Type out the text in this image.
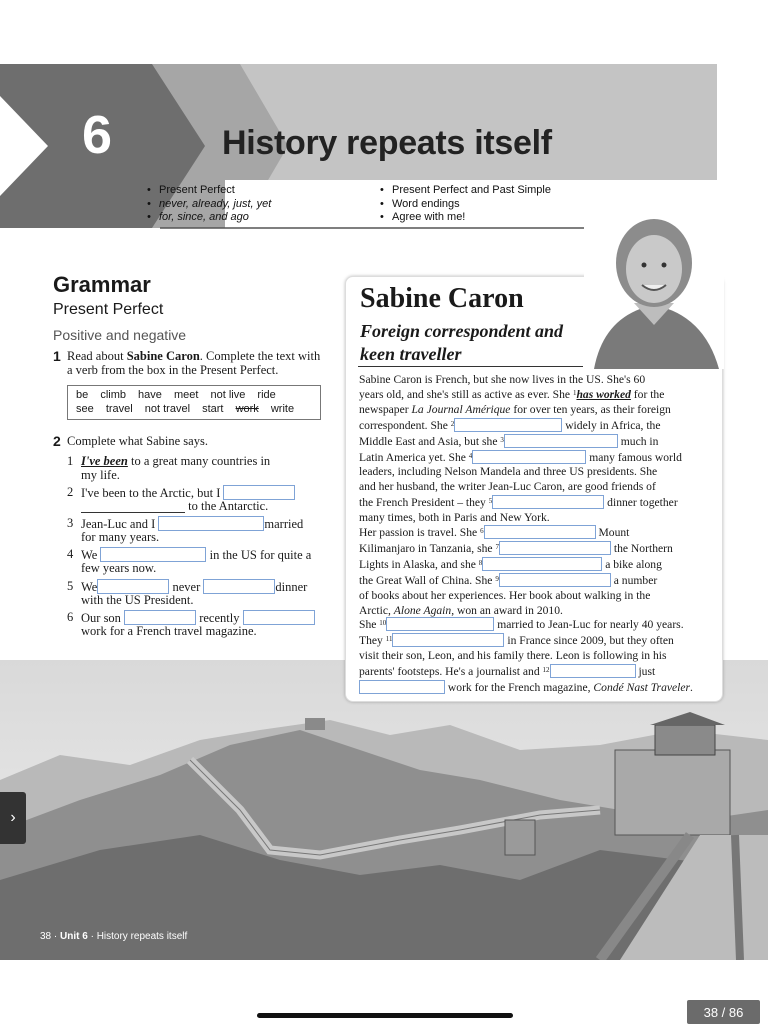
6	History repeats itself
• Present Perfect
• never, already, just, yet
• for, since, and ago
• Present Perfect and Past Simple
• Word endings
• Agree with me!
Grammar
Present Perfect
Positive and negative
1 Read about Sabine Caron. Complete the text with a verb from the box in the Present Perfect.
be climb have meet not live ride
see travel not travel start work write
2 Complete what Sabine says.
1 I've been to a great many countries in
my life.
2 I've been to the Arctic, but I
to the Antarctic.
3 Jean-Luc and I	married
for many years.
4 We	in the US for quite a
few years now.
5 We	never	dinner
with the US President.
6 Our son	recently
work for a French travel magazine.
38 · Unit 6 · History repeats itself
›
Sabine Caron
Foreign correspondent and keen traveller
Sabine Caron is French, but she now lives in the US. She's 60
years old, and she's still as active as ever. She $^1$has worked for the
newspaper La Journal Amérique for over ten years, as their foreign
correspondent. She $^2$	widely in Africa, the
Middle East and Asia, but she $^3$	much in
Latin America yet. She $^4$	many famous world
leaders, including Nelson Mandela and three US presidents. She
and her husband, the writer Jean-Luc Caron, are good friends of
the French President – they $^5$	dinner together
many times, both in Paris and New York.
Her passion is travel. She $^6$	Mount
Kilimanjaro in Tanzania, she $^7$	the Northern
Lights in Alaska, and she $^8$	a bike along
the Great Wall of China. She $^9$	a number
of books about her experiences. Her book about walking in the
Arctic, Alone Again, won an award in 2010.
She $^{10}$	married to Jean-Luc for nearly 40 years.
They $^{11}$	in France since 2009, but they often
visit their son, Leon, and his family there. Leon is following in his
parents' footsteps. He's a journalist and $^{12}$	just
work for the French magazine, Condé Nast Traveler.
38 / 86
